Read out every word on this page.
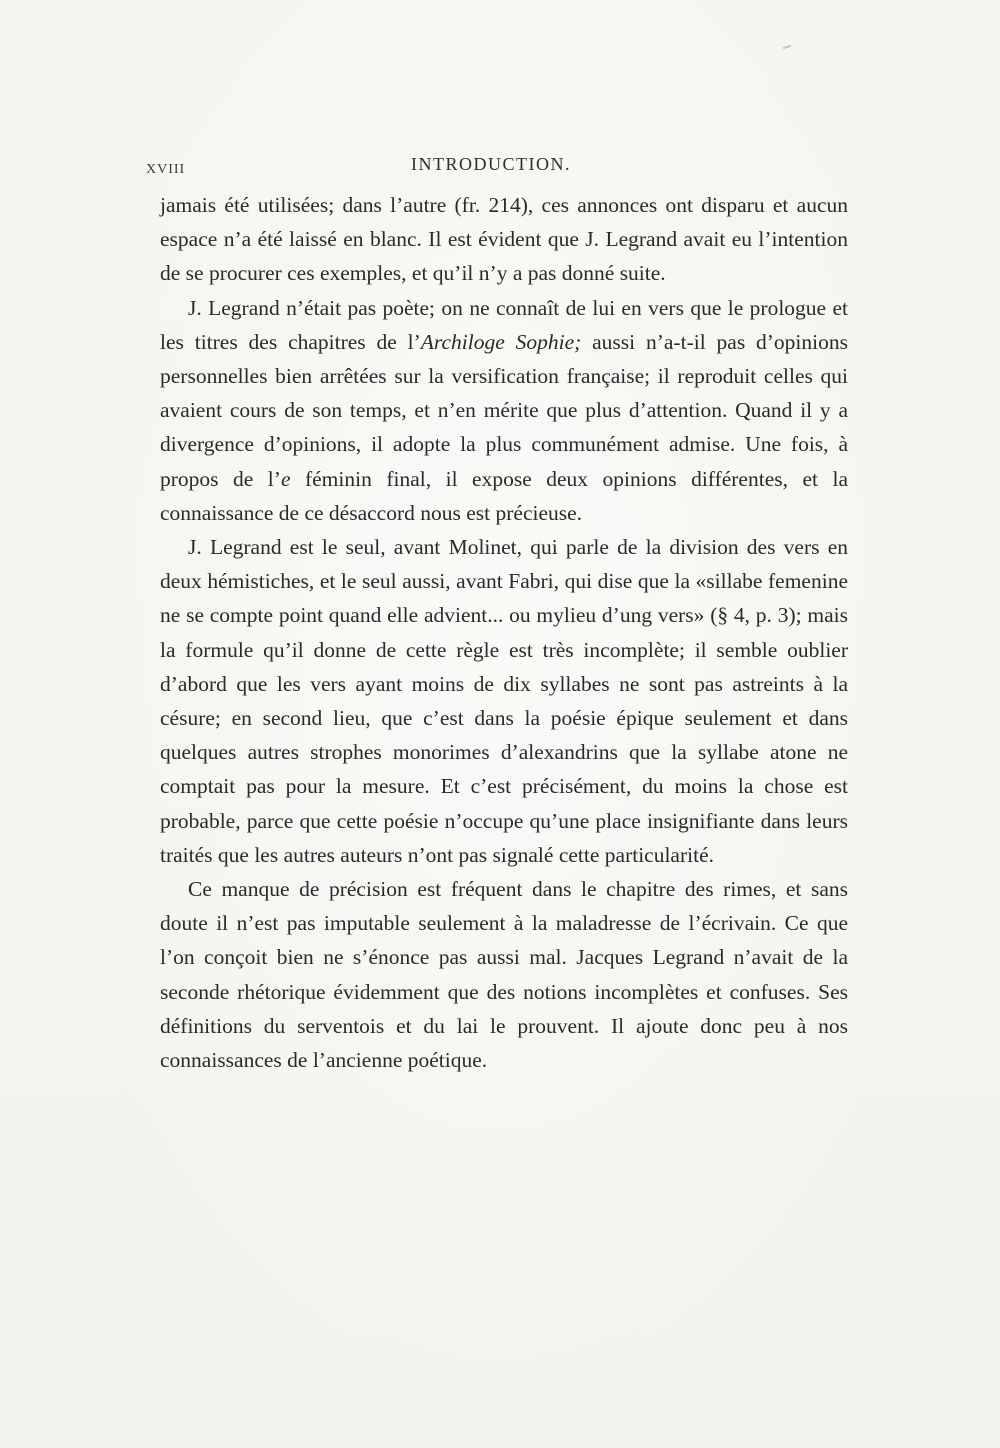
XVIII	INTRODUCTION.

jamais été utilisées; dans l’autre (fr. 214), ces annonces ont disparu et aucun espace n’a été laissé en blanc. Il est évident que J. Legrand avait eu l’intention de se procurer ces exemples, et qu’il n’y a pas donné suite.

J. Legrand n’était pas poète; on ne connaît de lui en vers que le prologue et les titres des chapitres de l’Archiloge Sophie; aussi n’a-t-il pas d’opinions personnelles bien arrêtées sur la versification française; il reproduit celles qui avaient cours de son temps, et n’en mérite que plus d’attention. Quand il y a divergence d’opinions, il adopte la plus communément admise. Une fois, à propos de l’e féminin final, il expose deux opinions différentes, et la connaissance de ce désaccord nous est précieuse.

J. Legrand est le seul, avant Molinet, qui parle de la division des vers en deux hémistiches, et le seul aussi, avant Fabri, qui dise que la «sillabe femenine ne se compte point quand elle advient... ou mylieu d’ung vers» (§ 4, p. 3); mais la formule qu’il donne de cette règle est très incomplète; il semble oublier d’abord que les vers ayant moins de dix syllabes ne sont pas astreints à la césure; en second lieu, que c’est dans la poésie épique seulement et dans quelques autres strophes monorimes d’alexandrins que la syllabe atone ne comptait pas pour la mesure. Et c’est précisément, du moins la chose est probable, parce que cette poésie n’occupe qu’une place insignifiante dans leurs traités que les autres auteurs n’ont pas signalé cette particularité.

Ce manque de précision est fréquent dans le chapitre des rimes, et sans doute il n’est pas imputable seulement à la maladresse de l’écrivain. Ce que l’on conçoit bien ne s’énonce pas aussi mal. Jacques Legrand n’avait de la seconde rhétorique évidemment que des notions incomplètes et confuses. Ses définitions du serventois et du lai le prouvent. Il ajoute donc peu à nos connaissances de l’ancienne poétique.
